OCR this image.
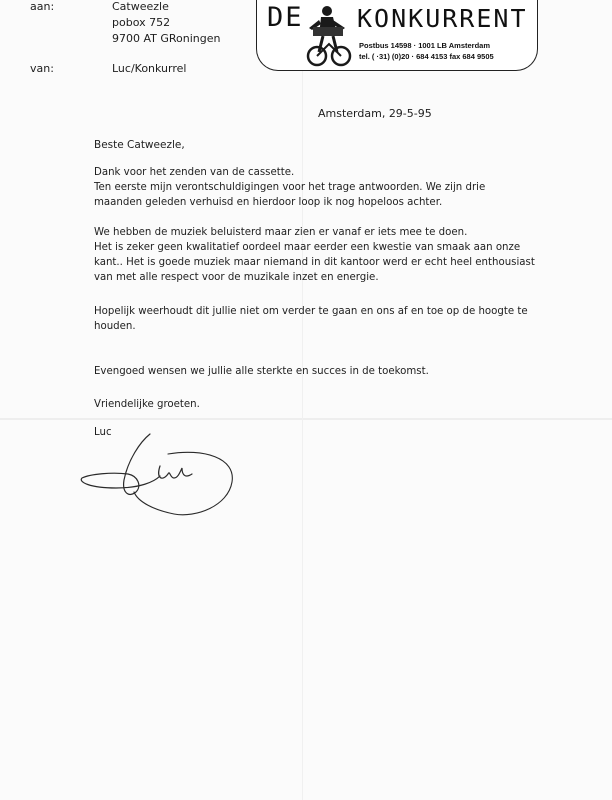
aan:	Catweezle
pobox 752
9700 AT GRoningen
van:	Luc/Konkurrel
DE KONKURRENT
Postbus 14598 · 1001 LB Amsterdam
tel. ( ·31) (0)20 · 684 4153 fax 684 9505
Amsterdam, 29-5-95
Beste Catweezle,
Dank voor het zenden van de cassette.
Ten eerste mijn verontschuldigingen voor het trage antwoorden. We zijn drie
maanden geleden verhuisd en hierdoor loop ik nog hopeloos achter.
We hebben de muziek beluisterd maar zien er vanaf er iets mee te doen.
Het is zeker geen kwalitatief oordeel maar eerder een kwestie van smaak aan onze
kant.. Het is goede muziek maar niemand in dit kantoor werd er echt heel enthousiast
van met alle respect voor de muzikale inzet en energie.
Hopelijk weerhoudt dit jullie niet om verder te gaan en ons af en toe op de hoogte te
houden.
Evengoed wensen we jullie alle sterkte en succes in de toekomst.
Vriendelijke groeten.
Luc
